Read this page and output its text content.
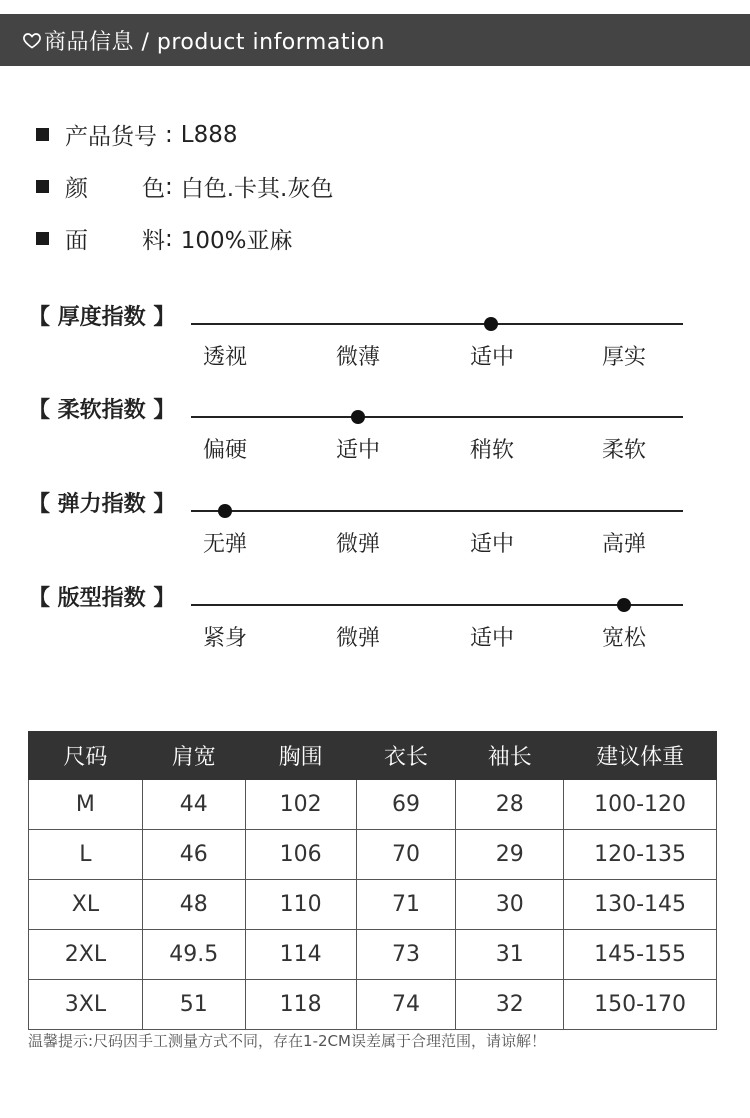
商品信息 / product information
产品货号 : L888
颜 色 : 白色.卡其.灰色
面 料 : 100%亚麻
【 厚度指数 】
透视	微薄	适中	厚实
【 柔软指数 】
偏硬	适中	稍软	柔软
【 弹力指数 】
无弹	微弹	适中	高弹
【 版型指数 】
紧身	微弹	适中	宽松
尺码	肩宽	胸围	衣长	袖长	建议体重
M	44	102	69	28	100-120
L	46	106	70	29	120-135
XL	48	110	71	30	130-145
2XL	49.5	114	73	31	145-155
3XL	51	118	74	32	150-170
温馨提示:尺码因手工测量方式不同，存在1-2CM误差属于合理范围，请谅解！
